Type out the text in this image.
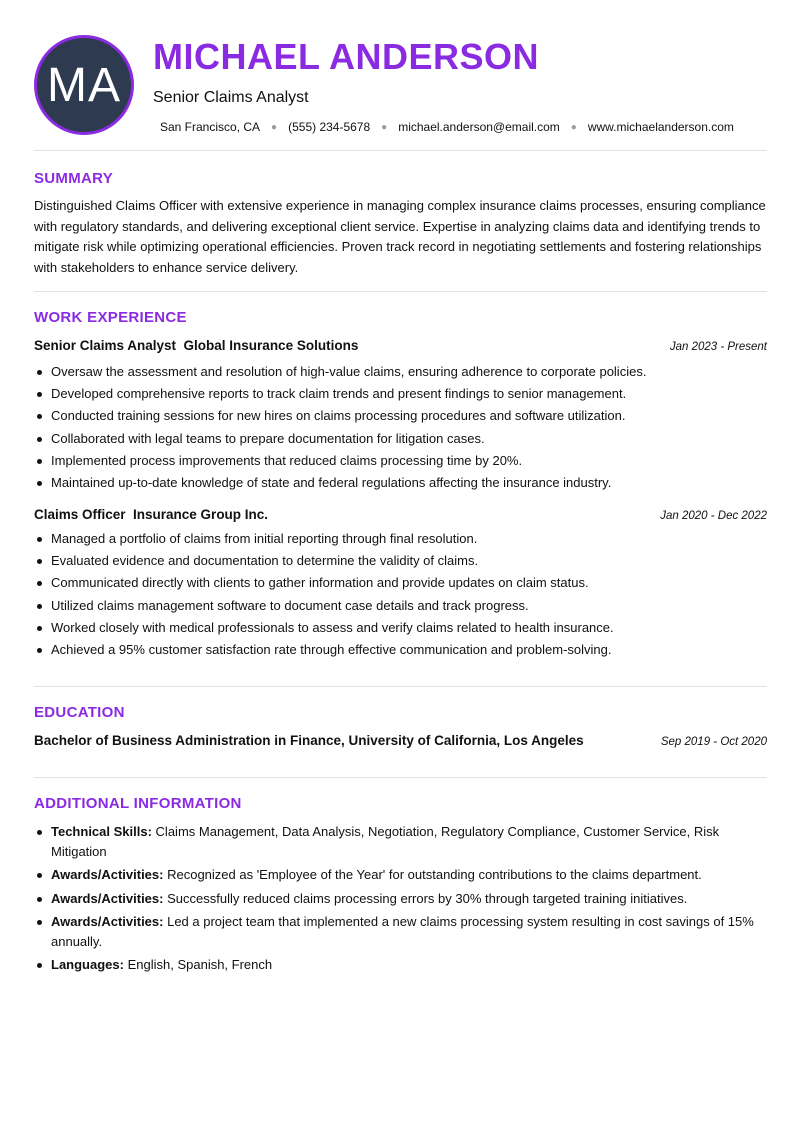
MA
MICHAEL ANDERSON
Senior Claims Analyst
San Francisco, CA ● (555) 234-5678 ● michael.anderson@email.com ● www.michaelanderson.com
SUMMARY
Distinguished Claims Officer with extensive experience in managing complex insurance claims processes, ensuring compliance with regulatory standards, and delivering exceptional client service. Expertise in analyzing claims data and identifying trends to mitigate risk while optimizing operational efficiencies. Proven track record in negotiating settlements and fostering relationships with stakeholders to enhance service delivery.
WORK EXPERIENCE
Senior Claims Analyst  Global Insurance Solutions	Jan 2023 - Present
Oversaw the assessment and resolution of high-value claims, ensuring adherence to corporate policies.
Developed comprehensive reports to track claim trends and present findings to senior management.
Conducted training sessions for new hires on claims processing procedures and software utilization.
Collaborated with legal teams to prepare documentation for litigation cases.
Implemented process improvements that reduced claims processing time by 20%.
Maintained up-to-date knowledge of state and federal regulations affecting the insurance industry.
Claims Officer  Insurance Group Inc.	Jan 2020 - Dec 2022
Managed a portfolio of claims from initial reporting through final resolution.
Evaluated evidence and documentation to determine the validity of claims.
Communicated directly with clients to gather information and provide updates on claim status.
Utilized claims management software to document case details and track progress.
Worked closely with medical professionals to assess and verify claims related to health insurance.
Achieved a 95% customer satisfaction rate through effective communication and problem-solving.
EDUCATION
Bachelor of Business Administration in Finance, University of California, Los Angeles	Sep 2019 - Oct 2020
ADDITIONAL INFORMATION
Technical Skills: Claims Management, Data Analysis, Negotiation, Regulatory Compliance, Customer Service, Risk Mitigation
Awards/Activities: Recognized as 'Employee of the Year' for outstanding contributions to the claims department.
Awards/Activities: Successfully reduced claims processing errors by 30% through targeted training initiatives.
Awards/Activities: Led a project team that implemented a new claims processing system resulting in cost savings of 15% annually.
Languages: English, Spanish, French
